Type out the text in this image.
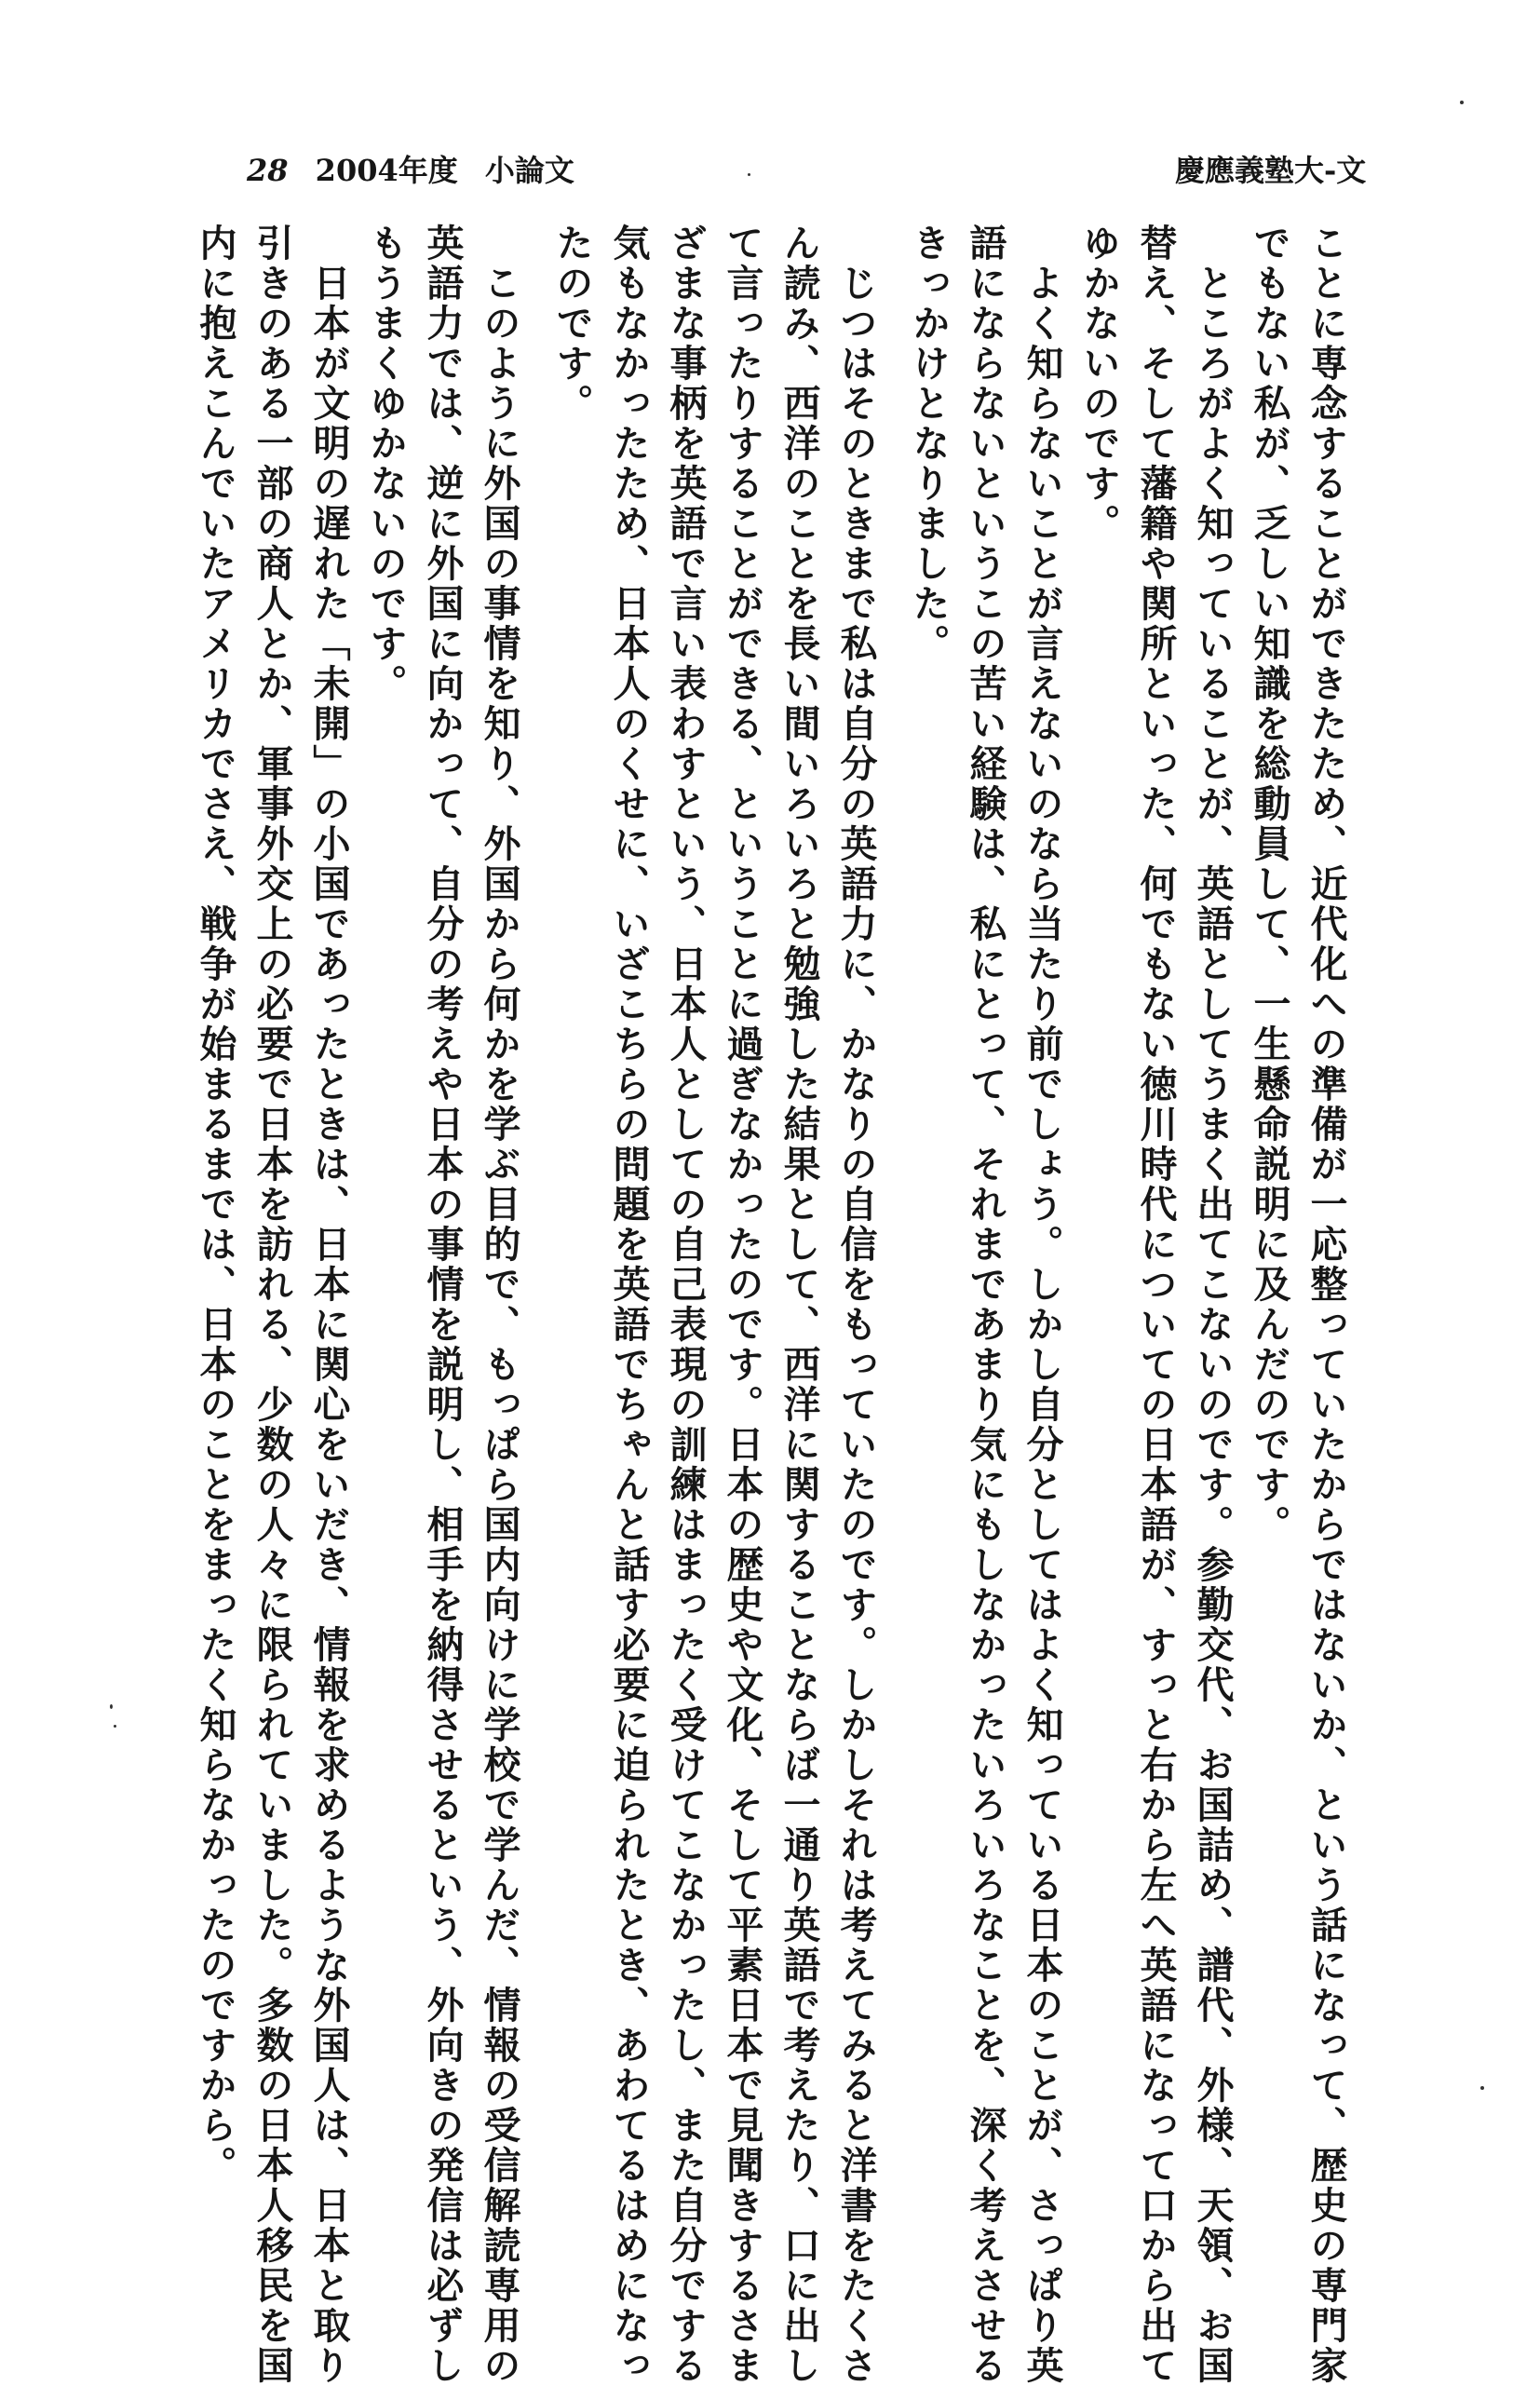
28 2004年度 小論文	慶應義塾大-文
ことに専念することができたため、近代化への準備が一応整っていたからではないか、という話になって、歴史の専門家
でもない私が、乏しい知識を総動員して、一生懸命説明に及んだのです。
　ところがよく知っていることが、英語としてうまく出てこないのです。参勤交代、お国詰め、譜代、外様、天領、お国
替え、そして藩籍や関所といった、何でもない徳川時代についての日本語が、すっと右から左へ英語になって口から出て
ゆかないのです。
　よく知らないことが言えないのなら当たり前でしょう。しかし自分としてはよく知っている日本のことが、さっぱり英
語にならないというこの苦い経験は、私にとって、それまであまり気にもしなかったいろいろなことを、深く考えさせる
きっかけとなりました。
　じつはそのときまで私は自分の英語力に、かなりの自信をもっていたのです。しかしそれは考えてみると洋書をたくさ
ん読み、西洋のことを長い間いろいろと勉強した結果として、西洋に関することならば一通り英語で考えたり、口に出し
て言ったりすることができる、ということに過ぎなかったのです。日本の歴史や文化、そして平素日本で見聞きするさま
ざまな事柄を英語で言い表わすという、日本人としての自己表現の訓練はまったく受けてこなかったし、また自分でする
気もなかったため、日本人のくせに、いざこちらの問題を英語でちゃんと話す必要に迫られたとき、あわてるはめになっ
たのです。
　このように外国の事情を知り、外国から何かを学ぶ目的で、もっぱら国内向けに学校で学んだ、情報の受信解読専用の
英語力では、逆に外国に向かって、自分の考えや日本の事情を説明し、相手を納得させるという、外向きの発信は必ずし
もうまくゆかないのです。
　日本が文明の遅れた「未開」の小国であったときは、日本に関心をいだき、情報を求めるような外国人は、日本と取り
引きのある一部の商人とか、軍事外交上の必要で日本を訪れる、少数の人々に限られていました。多数の日本人移民を国
内に抱えこんでいたアメリカでさえ、戦争が始まるまでは、日本のことをまったく知らなかったのですから。
